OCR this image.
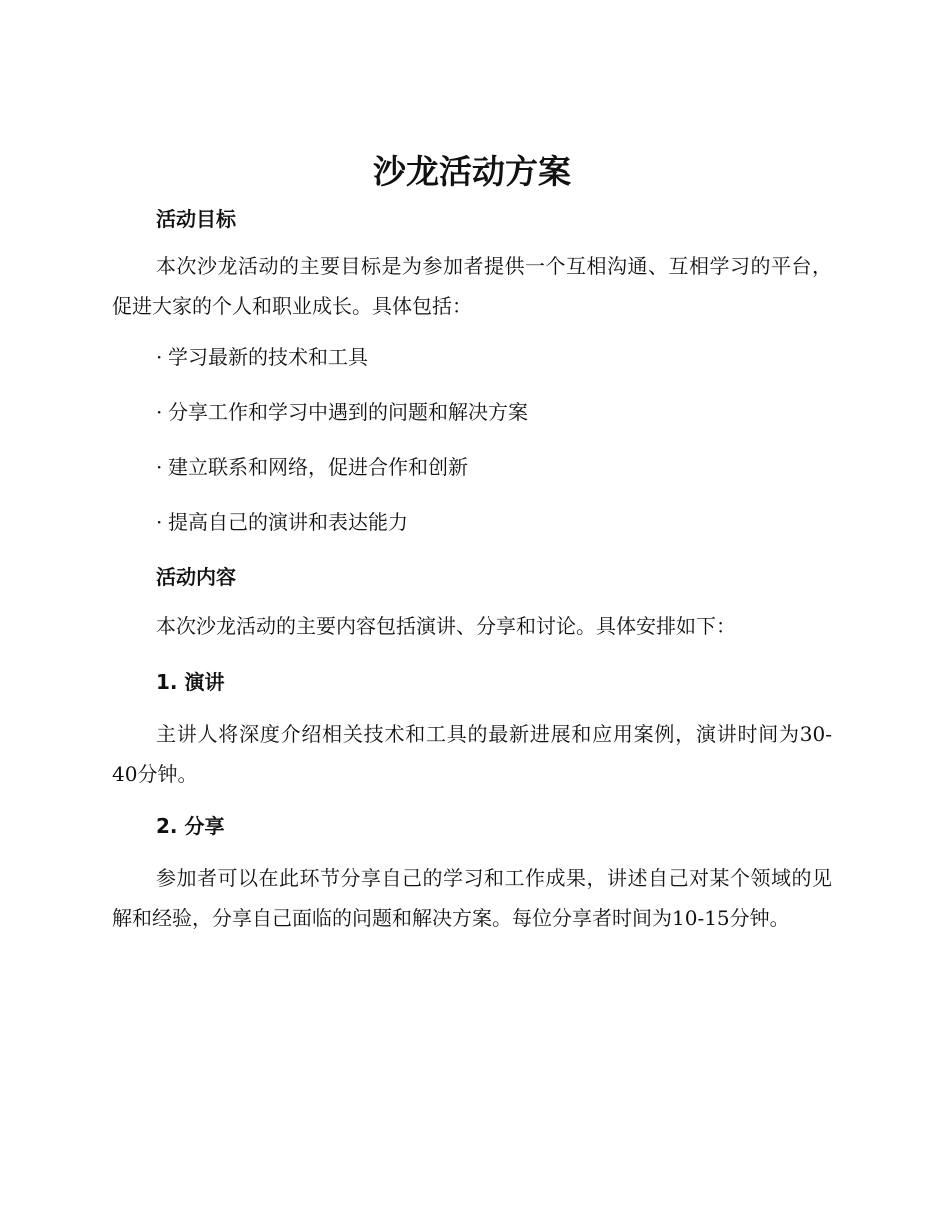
沙龙活动方案
活动目标

本次沙龙活动的主要目标是为参加者提供一个互相沟通、互相学习的平台，促进大家的个人和职业成长。具体包括：

· 学习最新的技术和工具
· 分享工作和学习中遇到的问题和解决方案
· 建立联系和网络，促进合作和创新
· 提高自己的演讲和表达能力
活动内容

本次沙龙活动的主要内容包括演讲、分享和讨论。具体安排如下：

1. 演讲

主讲人将深度介绍相关技术和工具的最新进展和应用案例，演讲时间为30-40分钟。

2. 分享

参加者可以在此环节分享自己的学习和工作成果，讲述自己对某个领域的见解和经验，分享自己面临的问题和解决方案。每位分享者时间为10-15分钟。
